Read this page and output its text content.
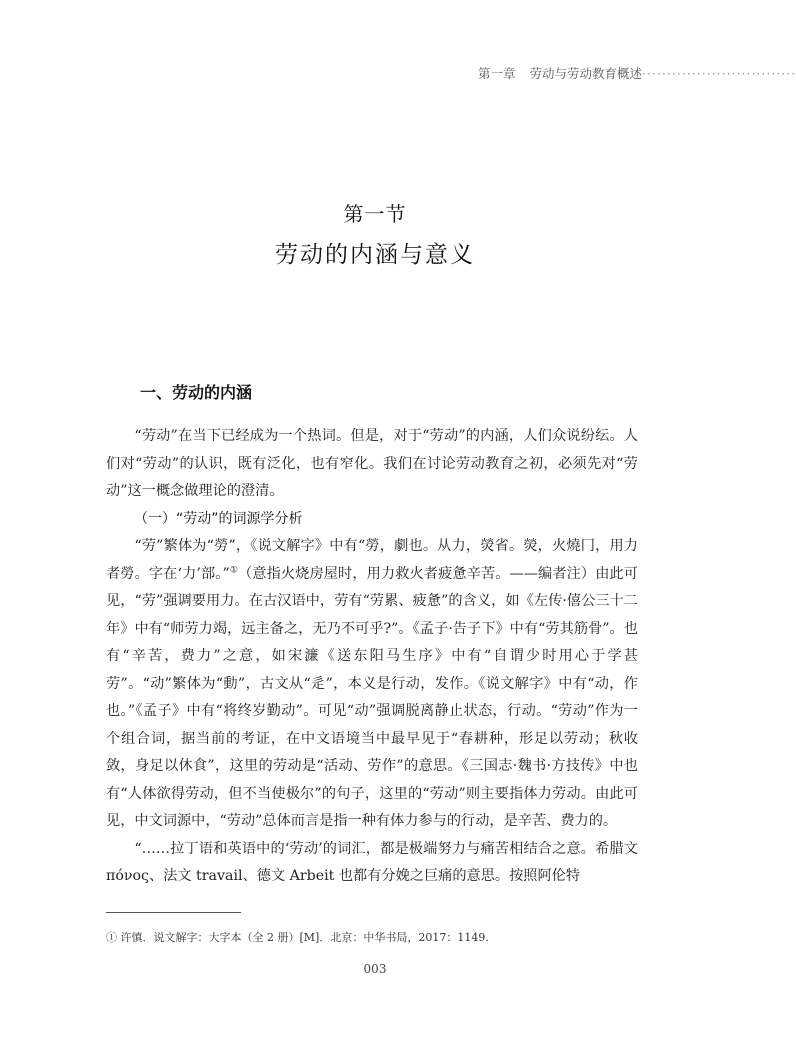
第一章 劳动与劳动教育概述·······························
第一节
劳动的内涵与意义
一、劳动的内涵

“劳动”在当下已经成为一个热词。但是，对于“劳动”的内涵，人们众说纷纭。人们对“劳动”的认识，既有泛化，也有窄化。我们在讨论劳动教育之初，必须先对“劳动”这一概念做理论的澄清。

（一）“劳动”的词源学分析

“劳”繁体为“勞”，《说文解字》中有“勞，劇也。从力，熒省。熒，火燒冂，用力者勞。字在‘力’部。”①（意指火烧房屋时，用力救火者疲惫辛苦。——编者注）由此可见，“劳”强调要用力。在古汉语中，劳有“劳累、疲惫”的含义，如《左传·僖公三十二年》中有“师劳力竭，远主备之，无乃不可乎?”。《孟子·告子下》中有“劳其筋骨”。也有“辛苦，费力”之意，如宋濂《送东阳马生序》中有“自谓少时用心于学甚劳”。“动”繁体为“動”，古文从“辵”，本义是行动，发作。《说文解字》中有“动，作也。”《孟子》中有“将终岁勤动”。可见“动”强调脱离静止状态，行动。“劳动”作为一个组合词，据当前的考证，在中文语境当中最早见于“春耕种，形足以劳动；秋收敛，身足以休食”，这里的劳动是“活动、劳作”的意思。《三国志·魏书·方技传》中也有“人体欲得劳动，但不当使极尔”的句子，这里的“劳动”则主要指体力劳动。由此可见，中文词源中，“劳动”总体而言是指一种有体力参与的行动，是辛苦、费力的。

“……拉丁语和英语中的‘劳动’的词汇，都是极端努力与痛苦相结合之意。希腊文 πόνος、法文 travail、德文 Arbeit 也都有分娩之巨痛的意思。按照阿伦特

① 许慎．说文解字：大字本（全 2 册）[M]．北京：中华书局，2017：1149.
003
